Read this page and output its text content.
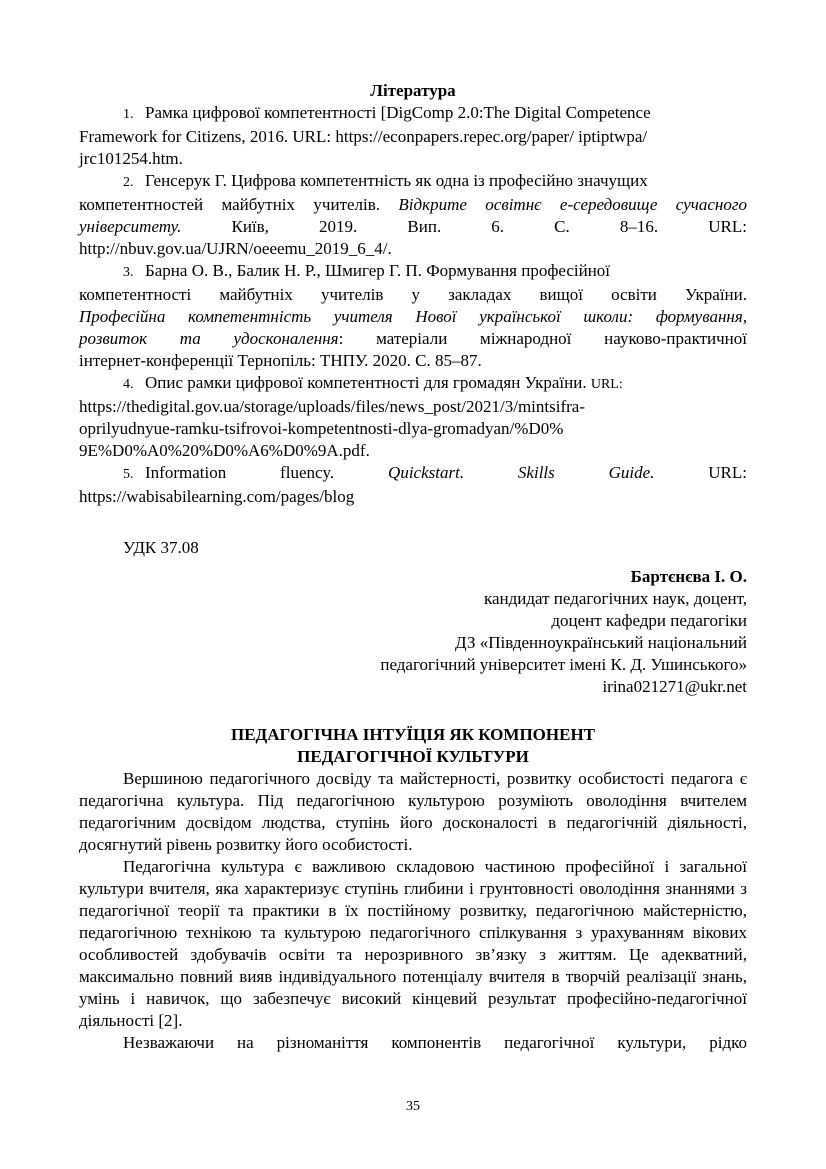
Література

1. Рамка цифрової компетентності [DigComp 2.0:The Digital Competence
Framework for Citizens, 2016. URL: https://econpapers.repec.org/paper/ iptiptwpa/
jrc101254.htm.

2. Генсерук Г. Цифрова компетентність як одна із професійно значущих
компетентностей майбутніх учителів. Відкрите освітнє е-середовище сучасного
університету. Київ, 2019. Вип. 6. С. 8–16. URL:
http://nbuv.gov.ua/UJRN/oeeemu_2019_6_4/.

3. Барна О. В., Балик Н. Р., Шмигер Г. П. Формування професійної
компетентності майбутніх учителів у закладах вищої освіти України.
Професійна компетентність учителя Нової української школи: формування,
розвиток та удосконалення: матеріали міжнародної науково-практичної
інтернет-конференції Тернопіль: ТНПУ. 2020. С. 85–87.

4. Опис рамки цифрової компетентності для громадян України. URL:
https://thedigital.gov.ua/storage/uploads/files/news_post/2021/3/mintsifra-
oprilyudnyue-ramku-tsifrovoi-kompetentnosti-dlya-gromadyan/%D0%
9E%D0%A0%20%D0%A6%D0%9A.pdf.

5. Information fluency. Quickstart. Skills Guide. URL:

https://wabisabilearning.com/pages/blog

УДК 37.08

Бартєнєва І. О.
кандидат педагогічних наук, доцент,
доцент кафедри педагогіки
ДЗ «Південноукраїнський національний
педагогічний університет імені К. Д. Ушинського»
irina021271@ukr.net
ПЕДАГОГІЧНА ІНТУЇЦІЯ ЯК КОМПОНЕНТ
ПЕДАГОГІЧНОЇ КУЛЬТУРИ

Вершиною педагогічного досвіду та майстерності, розвитку особистості педагога є педагогічна культура. Під педагогічною культурою розуміють оволодіння вчителем педагогічним досвідом людства, ступінь його досконалості в педагогічній діяльності, досягнутий рівень розвитку його особистості.

Педагогічна культура є важливою складовою частиною професійної і загальної культури вчителя, яка характеризує ступінь глибини і грунтовності оволодіння знаннями з педагогічної теорії та практики в їх постійному розвитку, педагогічною майстерністю, педагогічною технікою та культурою педагогічного спілкування з урахуванням вікових особливостей здобувачів освіти та нерозривного зв’язку з життям. Це адекватний, максимально повний вияв індивідуального потенціалу вчителя в творчій реалізації знань, умінь і навичок, що забезпечує високий кінцевий результат професійно-педагогічної діяльності [2].

Незважаючи на різноманіття компонентів педагогічної культури, рідко

35
